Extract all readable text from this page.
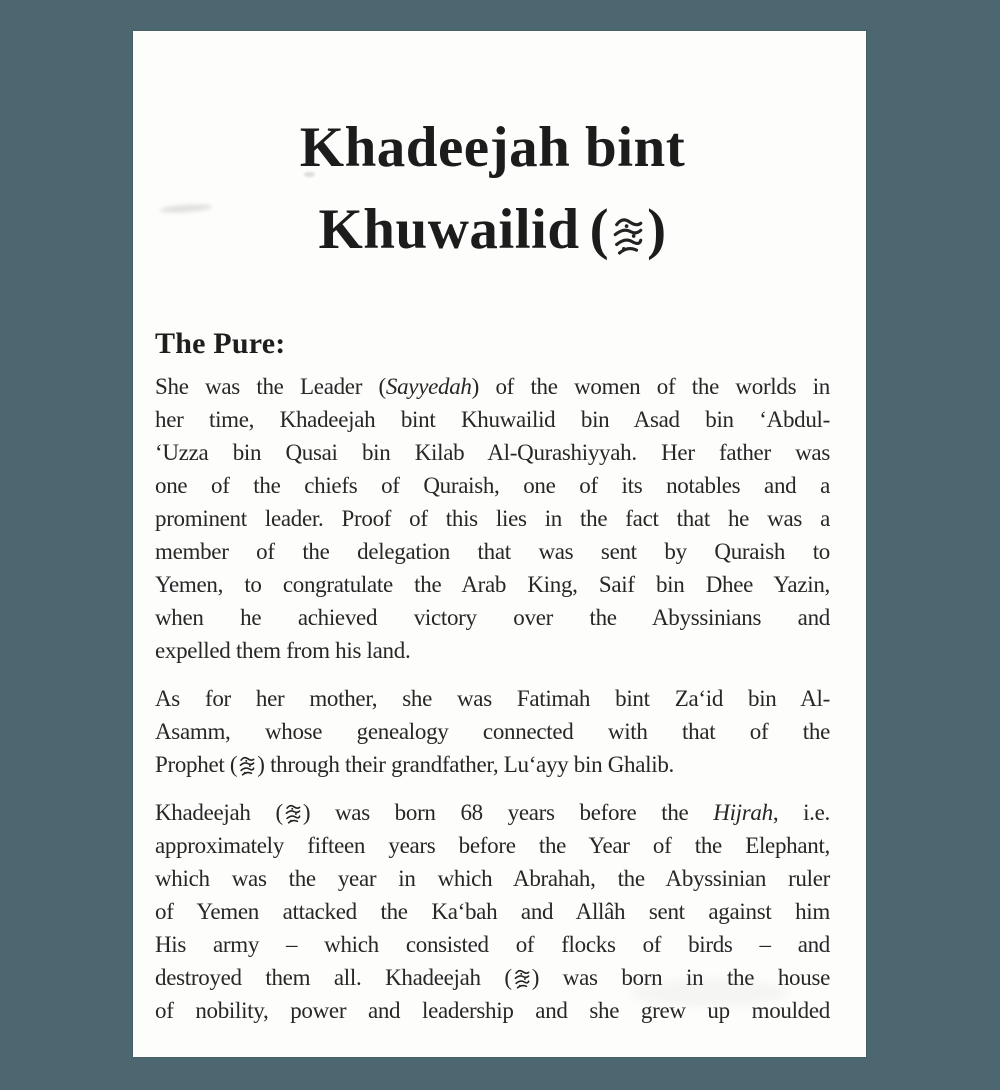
Khadeejah bint
Khuwailid ( )
The Pure:
She was the Leader (Sayyedah) of the women of the worlds in
her time, Khadeejah bint Khuwailid bin Asad bin ‘Abdul-
‘Uzza bin Qusai bin Kilab Al-Qurashiyyah. Her father was
one of the chiefs of Quraish, one of its notables and a
prominent leader. Proof of this lies in the fact that he was a
member of the delegation that was sent by Quraish to
Yemen, to congratulate the Arab King, Saif bin Dhee Yazin,
when he achieved victory over the Abyssinians and
expelled them from his land.
As for her mother, she was Fatimah bint Za‘id bin Al-
Asamm, whose genealogy connected with that of the
Prophet ( ) through their grandfather, Lu‘ayy bin Ghalib.
Khadeejah ( ) was born 68 years before the Hijrah, i.e.
approximately fifteen years before the Year of the Elephant,
which was the year in which Abrahah, the Abyssinian ruler
of Yemen attacked the Ka‘bah and Allâh sent against him
His army – which consisted of flocks of birds – and
destroyed them all. Khadeejah ( ) was born in the house
of nobility, power and leadership and she grew up moulded
